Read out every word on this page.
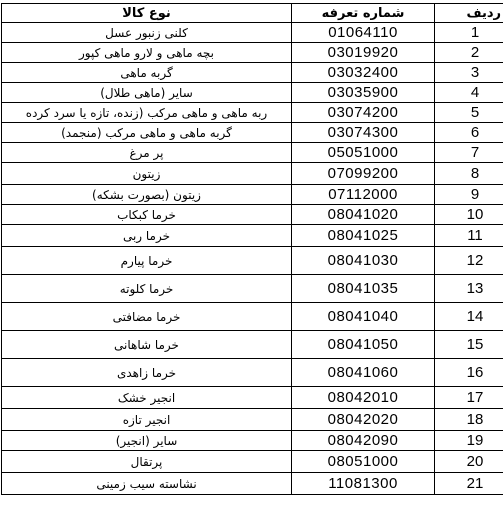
نوع کالا	شماره تعرفه	ردیف
کلنی زنبور عسل	01064110	1
بچه ماهی و لارو ماهی کپور	03019920	2
گربه ماهی	03032400	3
سایر (ماهی طلال)	03035900	4
ربه ماهی و ماهی مرکب (زنده، تازه یا سرد کرده	03074200	5
گربه ماهی و ماهی مرکب (منجمد)	03074300	6
پر مرغ	05051000	7
زیتون	07099200	8
زیتون (بصورت بشکه)	07112000	9
خرما کبکاب	08041020	10
خرما ربی	08041025	11
خرما پیارم	08041030	12
خرما کلوته	08041035	13
خرما مضافتی	08041040	14
خرما شاهانی	08041050	15
خرما زاهدی	08041060	16
انجیر خشک	08042010	17
انجیر تازه	08042020	18
سایر (انجیر)	08042090	19
پرتقال	08051000	20
نشاسته سیب زمینی	11081300	21
